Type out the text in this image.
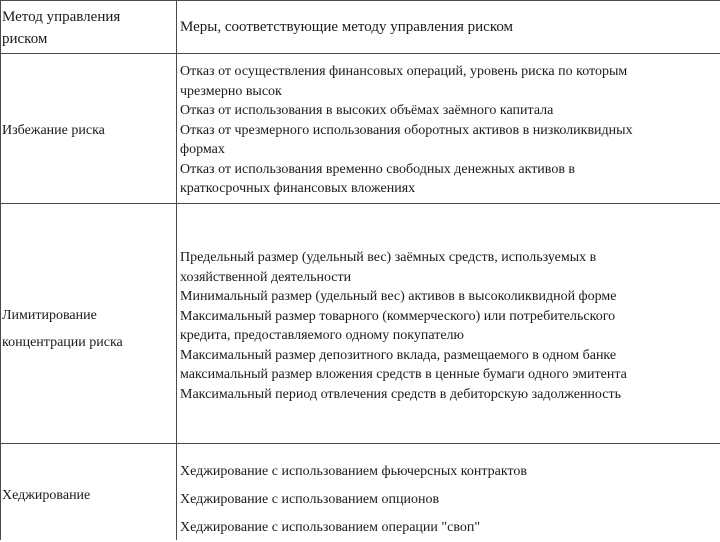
Метод управления
риском
Меры, соответствующие методу управления риском
Избежание риска
Отказ от осуществления финансовых операций, уровень риска по которым
чрезмерно высок
Отказ от использования в высоких объёмах заёмного капитала
Отказ от чрезмерного использования оборотных активов в низколиквидных
формах
Отказ от использования временно свободных денежных активов в
краткосрочных финансовых вложениях
Лимитирование
концентрации риска
Предельный размер (удельный вес) заёмных средств, используемых в
хозяйственной деятельности
Минимальный размер (удельный вес) активов в высоколиквидной форме
Максимальный размер товарного (коммерческого) или потребительского
кредита, предоставляемого одному покупателю
Максимальный размер депозитного вклада, размещаемого в одном банке
максимальный размер вложения средств в ценные бумаги одного эмитента
Максимальный период отвлечения средств в дебиторскую задолженность
Хеджирование
Хеджирование с использованием фьючерсных контрактов
Хеджирование с использованием опционов
Хеджирование с использованием операции "своп"
